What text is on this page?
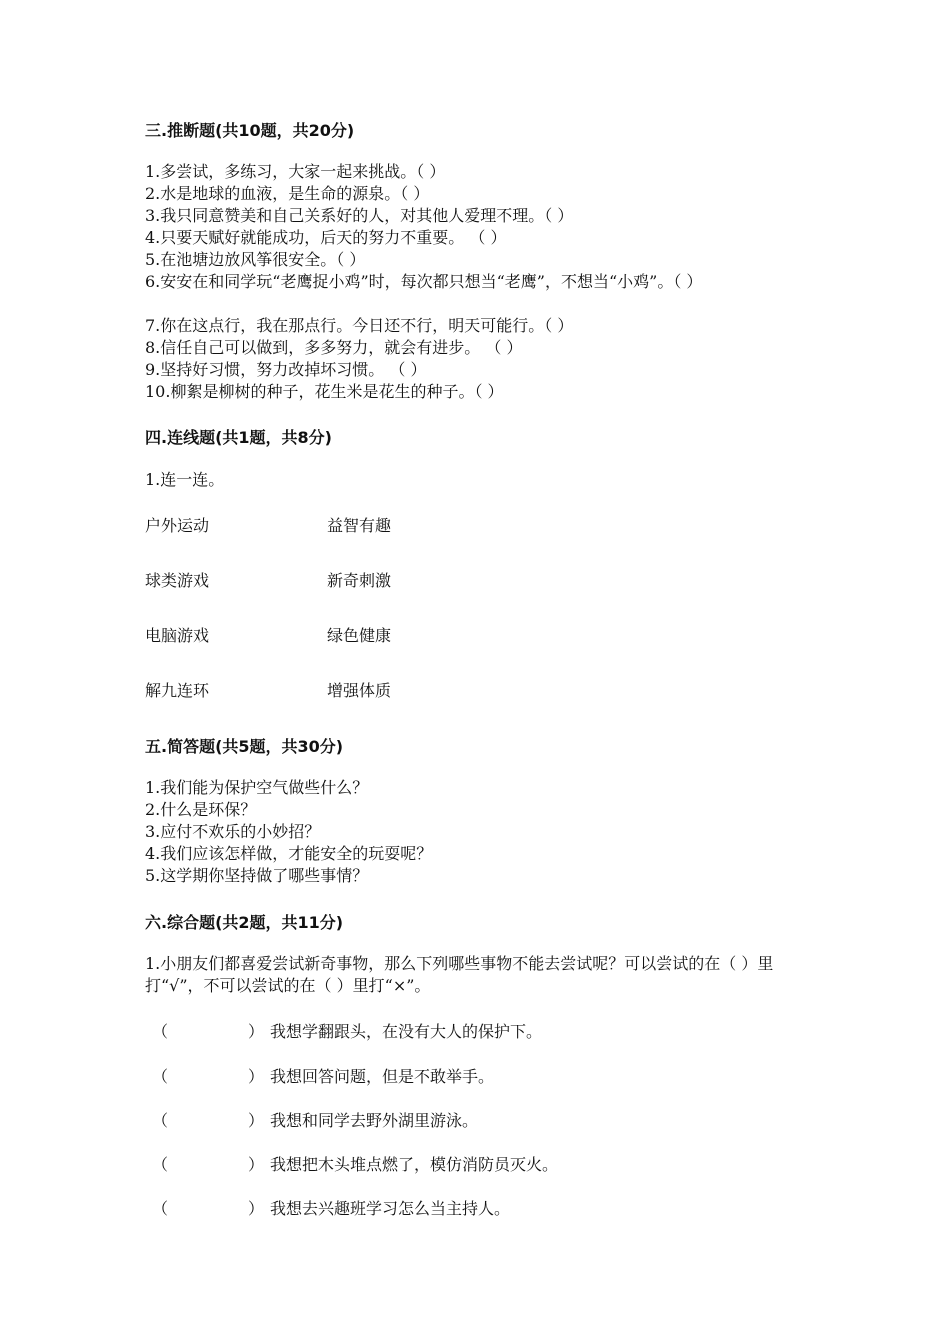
三.推断题(共10题，共20分)
1.多尝试，多练习，大家一起来挑战。（ ）
2.水是地球的血液，是生命的源泉。（ ）
3.我只同意赞美和自己关系好的人，对其他人爱理不理。（ ）
4.只要天赋好就能成功，后天的努力不重要。 （ ）
5.在池塘边放风筝很安全。（ ）
6.安安在和同学玩“老鹰捉小鸡”时，每次都只想当“老鹰”，不想当“小鸡”。（ ）
7.你在这点行，我在那点行。今日还不行，明天可能行。（ ）
8.信任自己可以做到，多多努力，就会有进步。 （ ）
9.坚持好习惯，努力改掉坏习惯。 （ ）
10.柳絮是柳树的种子，花生米是花生的种子。（ ）
四.连线题(共1题，共8分)
1.连一连。
户外运动	益智有趣
球类游戏	新奇刺激
电脑游戏	绿色健康
解九连环	增强体质
五.简答题(共5题，共30分)
1.我们能为保护空气做些什么？
2.什么是环保？
3.应付不欢乐的小妙招？
4.我们应该怎样做，才能安全的玩耍呢？
5.这学期你坚持做了哪些事情？
六.综合题(共2题，共11分)
1.小朋友们都喜爱尝试新奇事物，那么下列哪些事物不能去尝试呢？可以尝试的在（ ）里打“√”，不可以尝试的在（ ）里打“×”。
（	） 我想学翻跟头，在没有大人的保护下。
（	） 我想回答问题，但是不敢举手。
（	） 我想和同学去野外湖里游泳。
（	） 我想把木头堆点燃了，模仿消防员灭火。
（	） 我想去兴趣班学习怎么当主持人。
